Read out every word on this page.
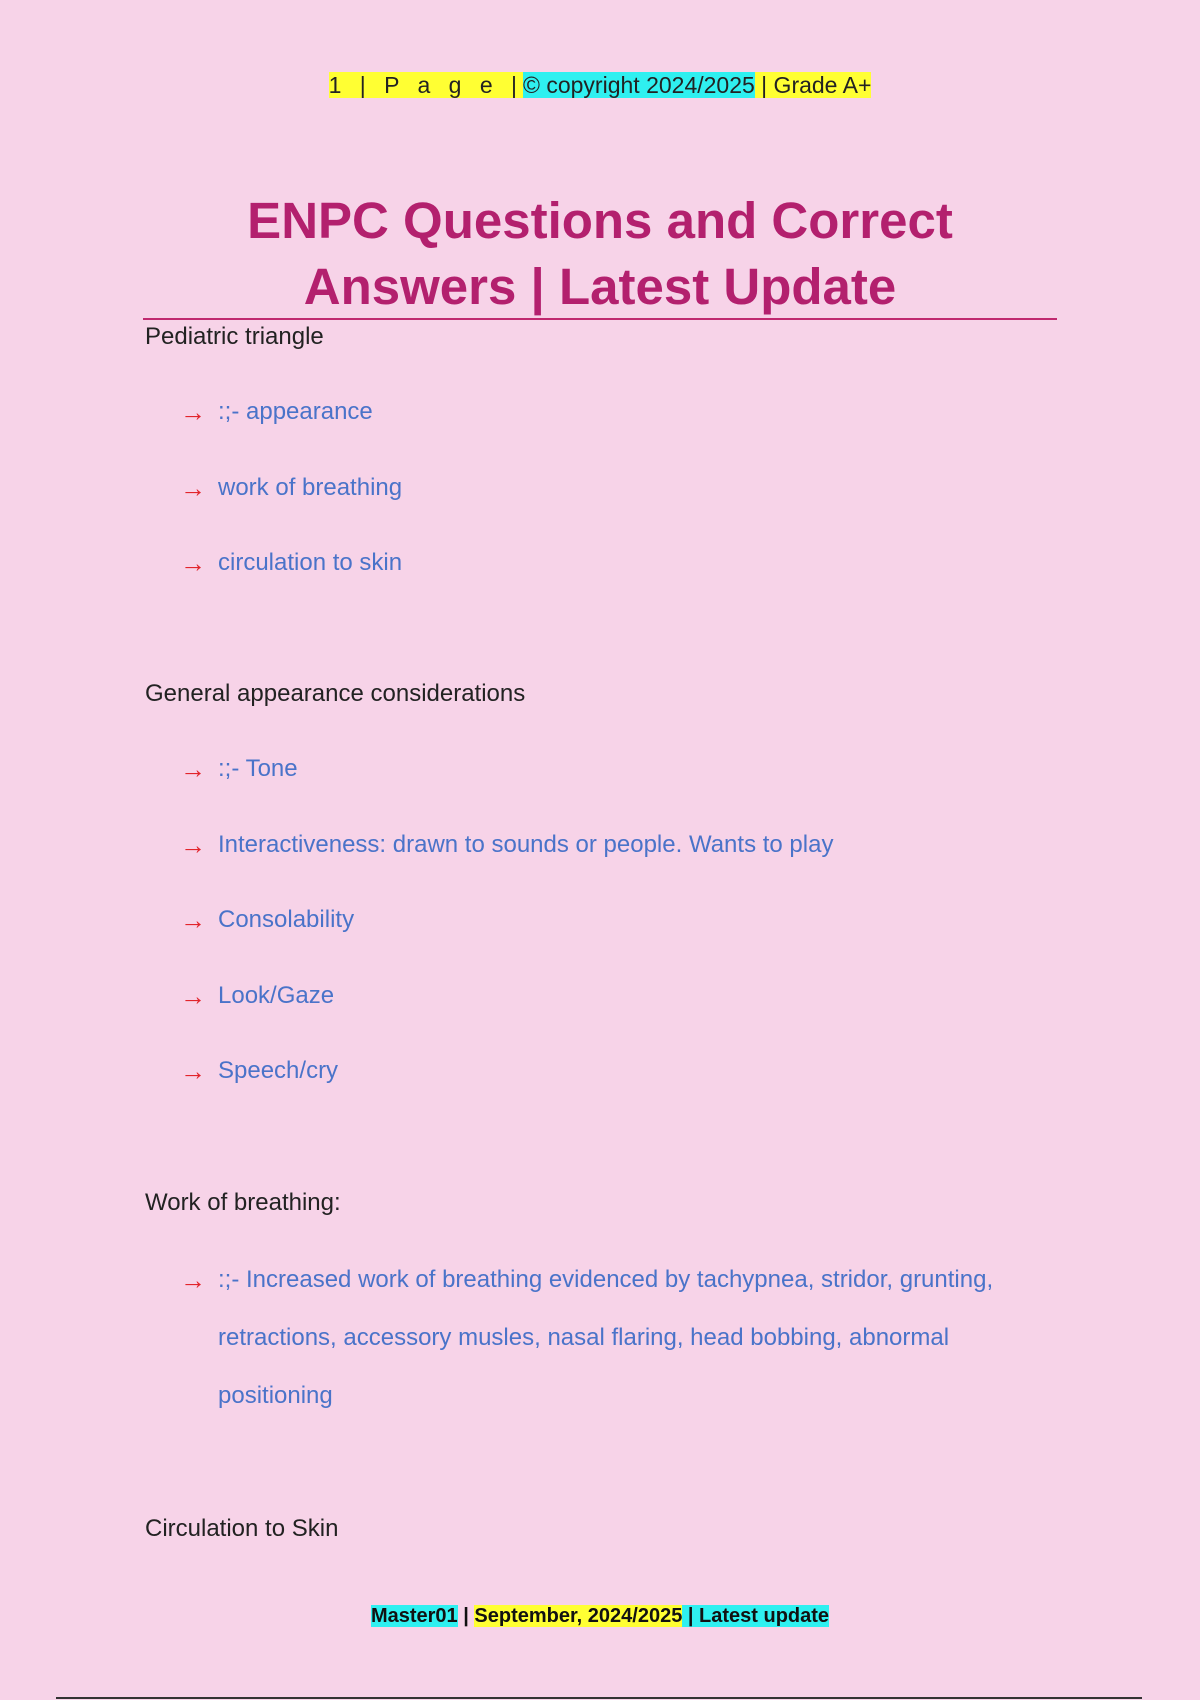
1 | P a g e |© copyright 2024/2025 | Grade A+
ENPC Questions and Correct
Answers | Latest Update
Pediatric triangle
→ :;- appearance
→ work of breathing
→ circulation to skin
General appearance considerations
→ :;- Tone
→ Interactiveness: drawn to sounds or people. Wants to play
→ Consolability
→ Look/Gaze
→ Speech/cry
Work of breathing:
→ :;- Increased work of breathing evidenced by tachypnea, stridor, grunting, retractions, accessory musles, nasal flaring, head bobbing, abnormal positioning
Circulation to Skin
Master01 | September, 2024/2025 | Latest update
